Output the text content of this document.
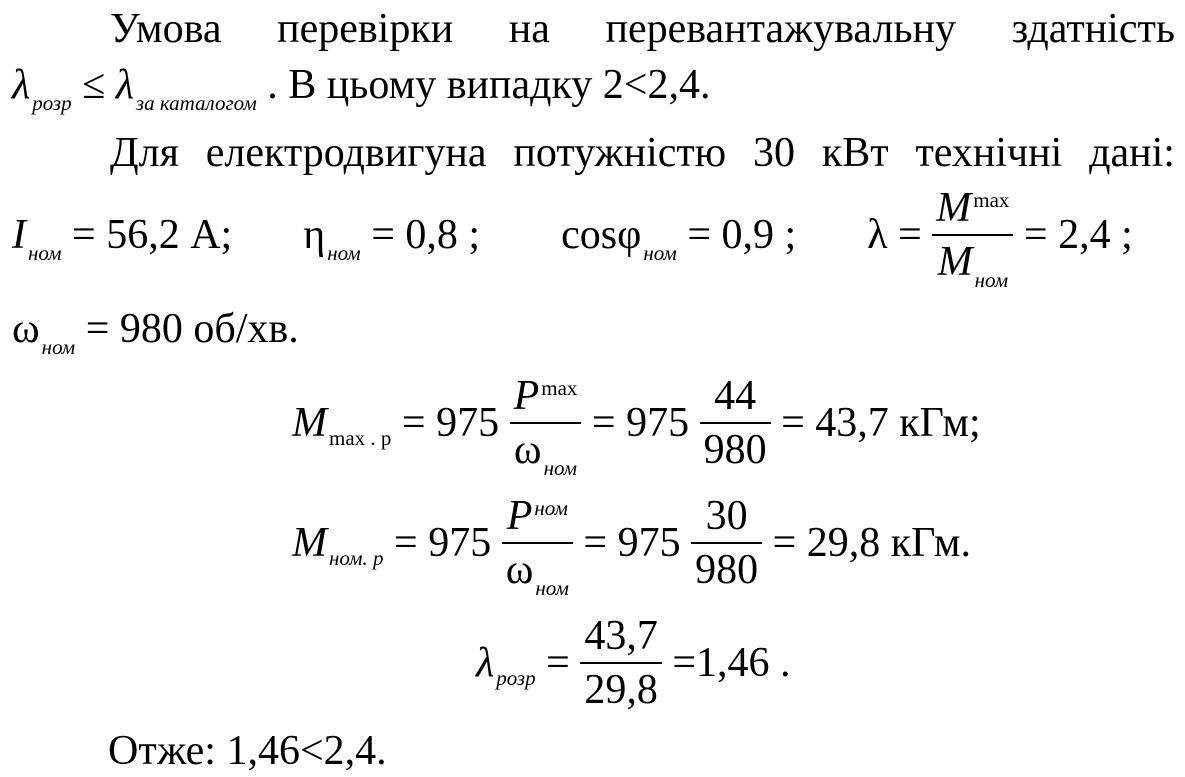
Умова перевірки на перевантажувальну здатність
$\lambda_{розр} \le \lambda_{за каталогом}$ . В цьому випадку 2<2,4.
Для електродвигуна потужністю 30 кВт технічні дані:
$I_{ном} = 56,2$ А; $\eta_{ном} = 0,8$ ; cosφ$_{ном}$ = 0,9 ; $\lambda = \frac{M^{max}}{M_{ном}} = 2,4$ ;
$\omega_{ном} = 980$ об/хв.
$M_{max . р} = 975 \frac{P^{max}}{\omega_{ном}} = 975 \frac{44}{980} = 43,7$ кГм;
$M_{ном. р} = 975 \frac{P^{ном}}{\omega_{ном}} = 975 \frac{30}{980} = 29,8$ кГм.
$\lambda_{розр} = \frac{43,7}{29,8} =1,46$ .
Отже: 1,46<2,4.
